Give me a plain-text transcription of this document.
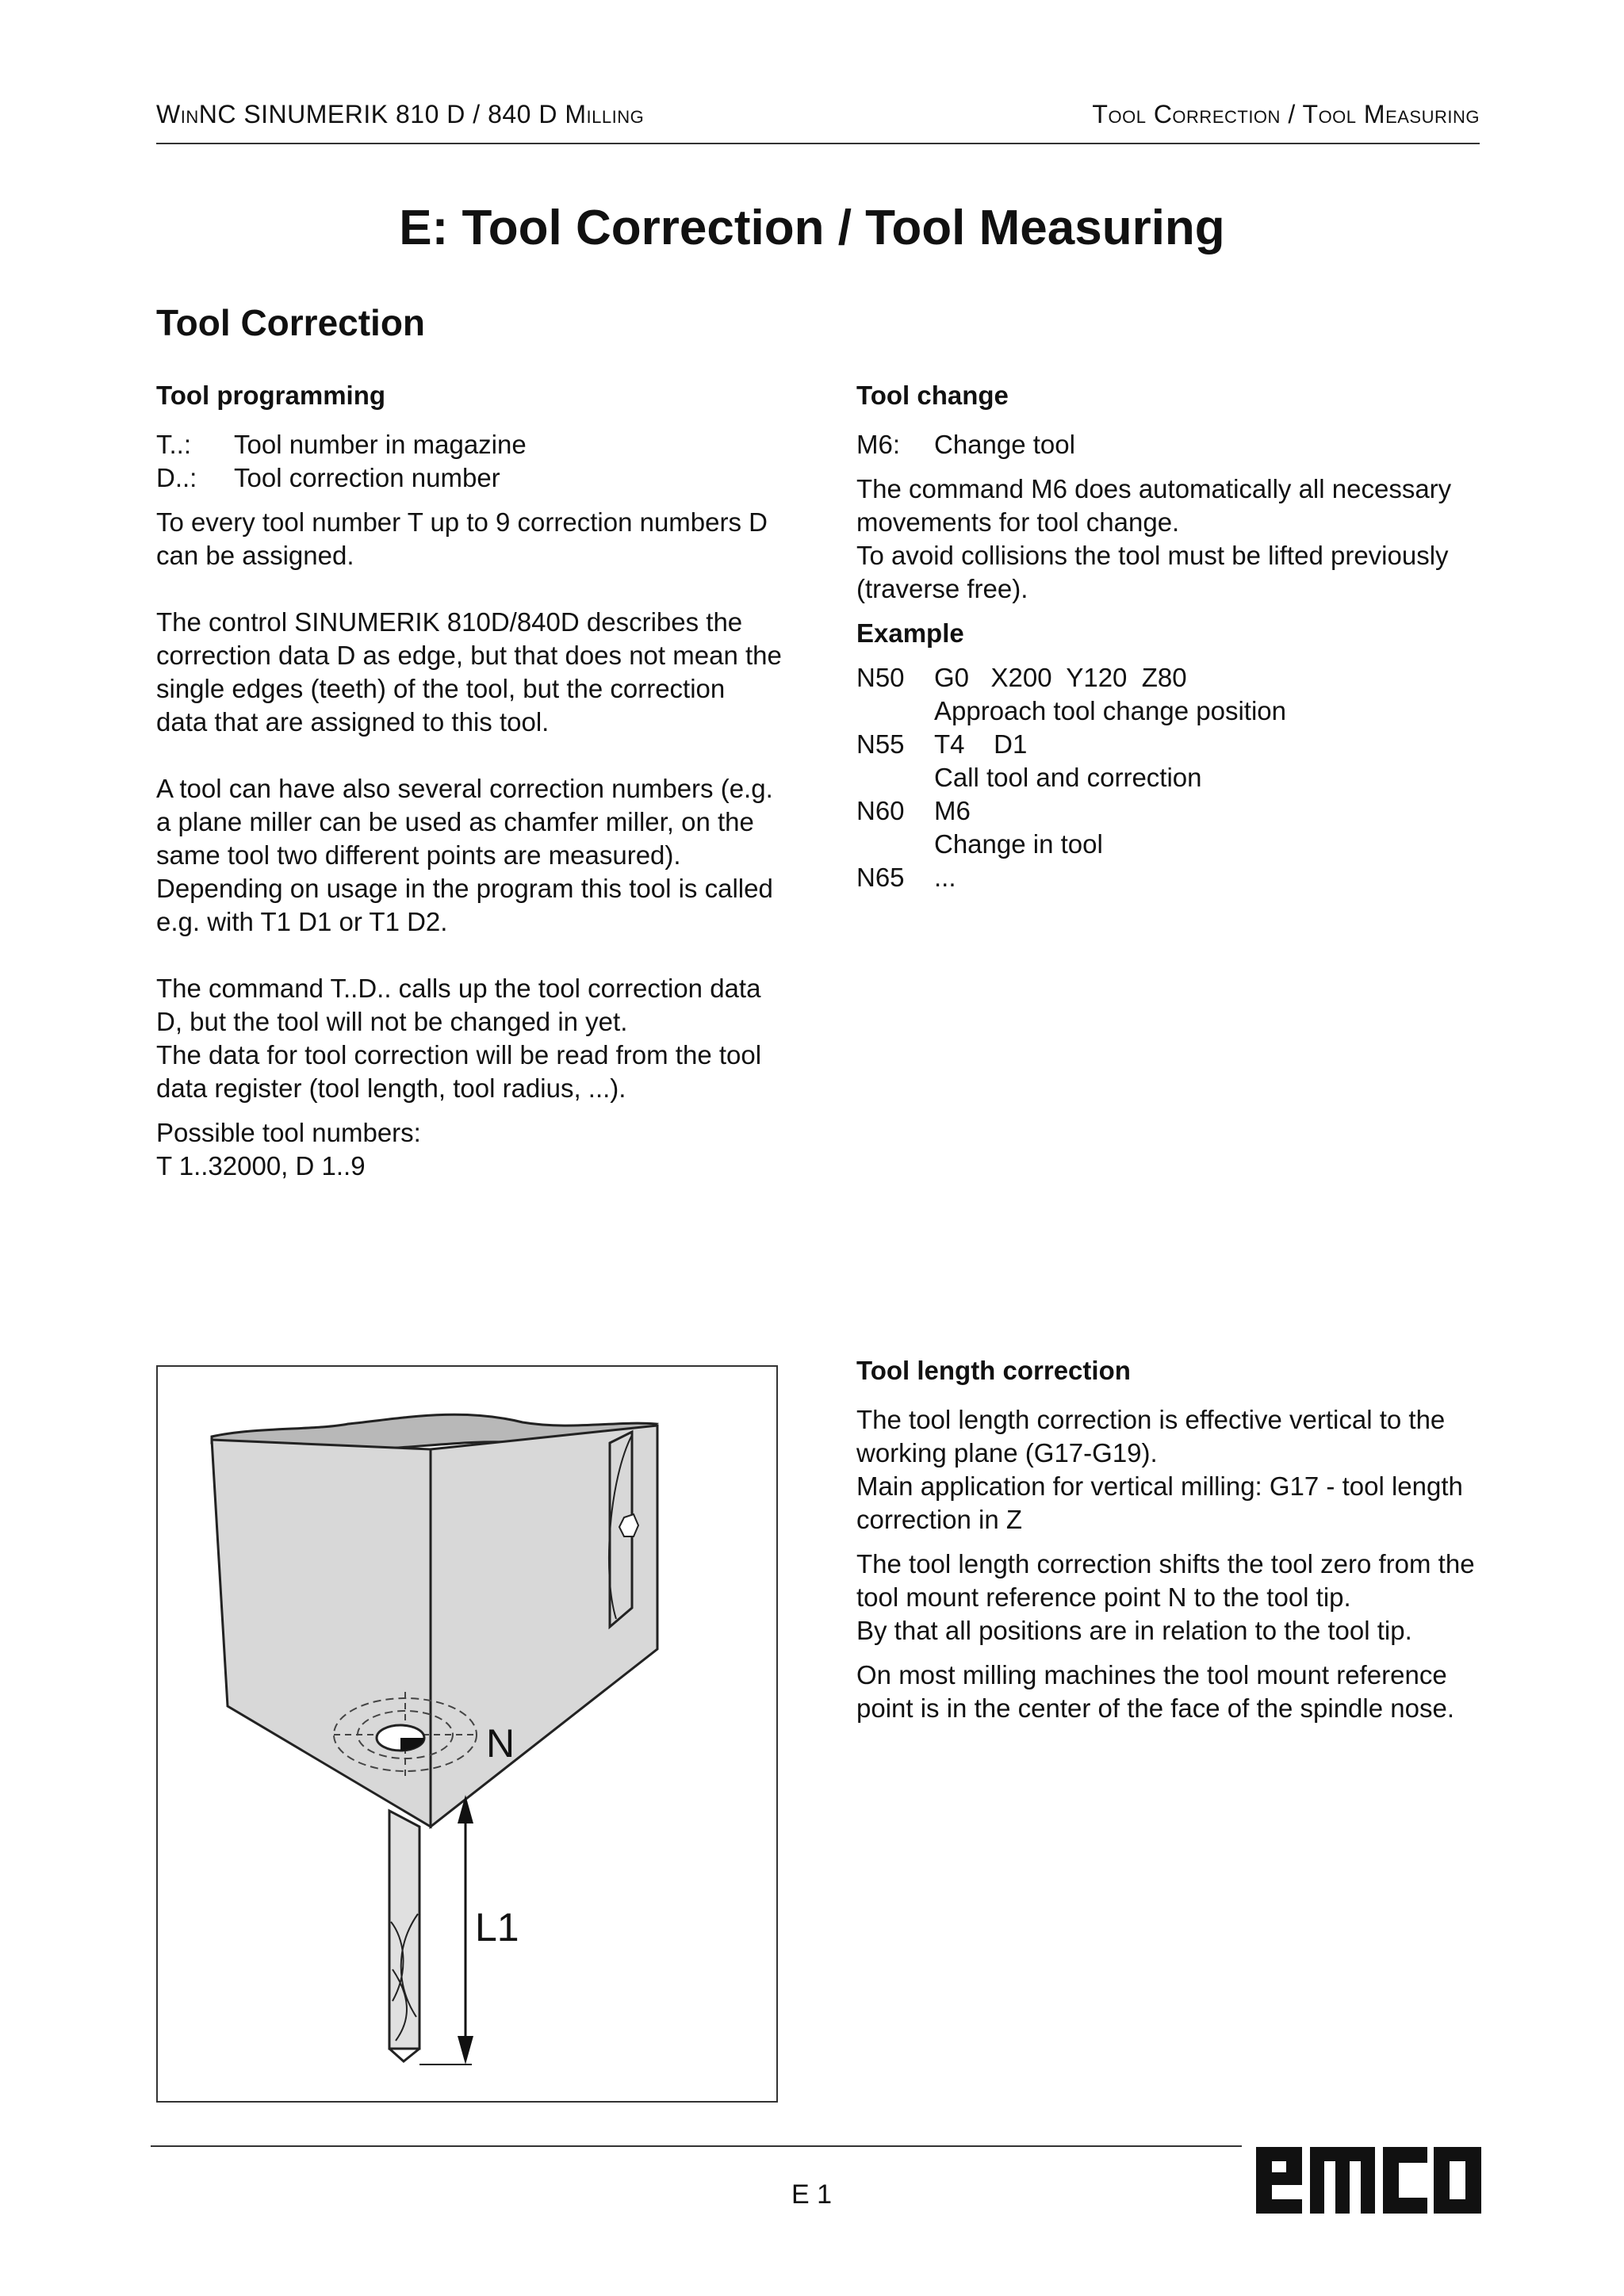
WinNC SINUMERIK 810 D / 840 D Milling	Tool Correction / Tool Measuring
E: Tool Correction / Tool Measuring
Tool Correction
Tool programming
T..:	Tool number in magazine
D..:	Tool correction number

To every tool number T up to 9 correction numbers D

can be assigned.

The control SINUMERIK 810D/840D describes the

correction data D as edge, but that does not mean the

single edges (teeth) of the tool, but the correction

data that are assigned to this tool.

A tool can have also several correction numbers (e.g.

a plane miller can be used as chamfer miller, on the

same tool two different points are measured).

Depending on usage in the program this tool is called

e.g. with T1 D1 or T1 D2.

The command T..D.. calls up the tool correction data

D, but the tool will not be changed in yet.

The data for tool correction will be read from the tool

data register (tool length, tool radius, ...).

Possible tool numbers:

T 1..32000, D 1..9

Tool change
M6:	Change tool

The command M6 does automatically all necessary

movements for tool change.

To avoid collisions the tool must be lifted previously

(traverse free).

Example
N50	G0   X200  Y120  Z80
Approach tool change position
N55	T4    D1
Call tool and correction
N60	M6
Change in tool
N65	...
Tool length correction

The tool length correction is effective vertical to the

working plane (G17-G19).

Main application for vertical milling: G17 - tool length

correction in Z

The tool length correction shifts the tool zero from the

tool mount reference point N to the tool tip.

By that all positions are in relation to the tool tip.

On most milling machines the tool mount reference

point is in the center of the face of the spindle nose.

N
L1
E 1
